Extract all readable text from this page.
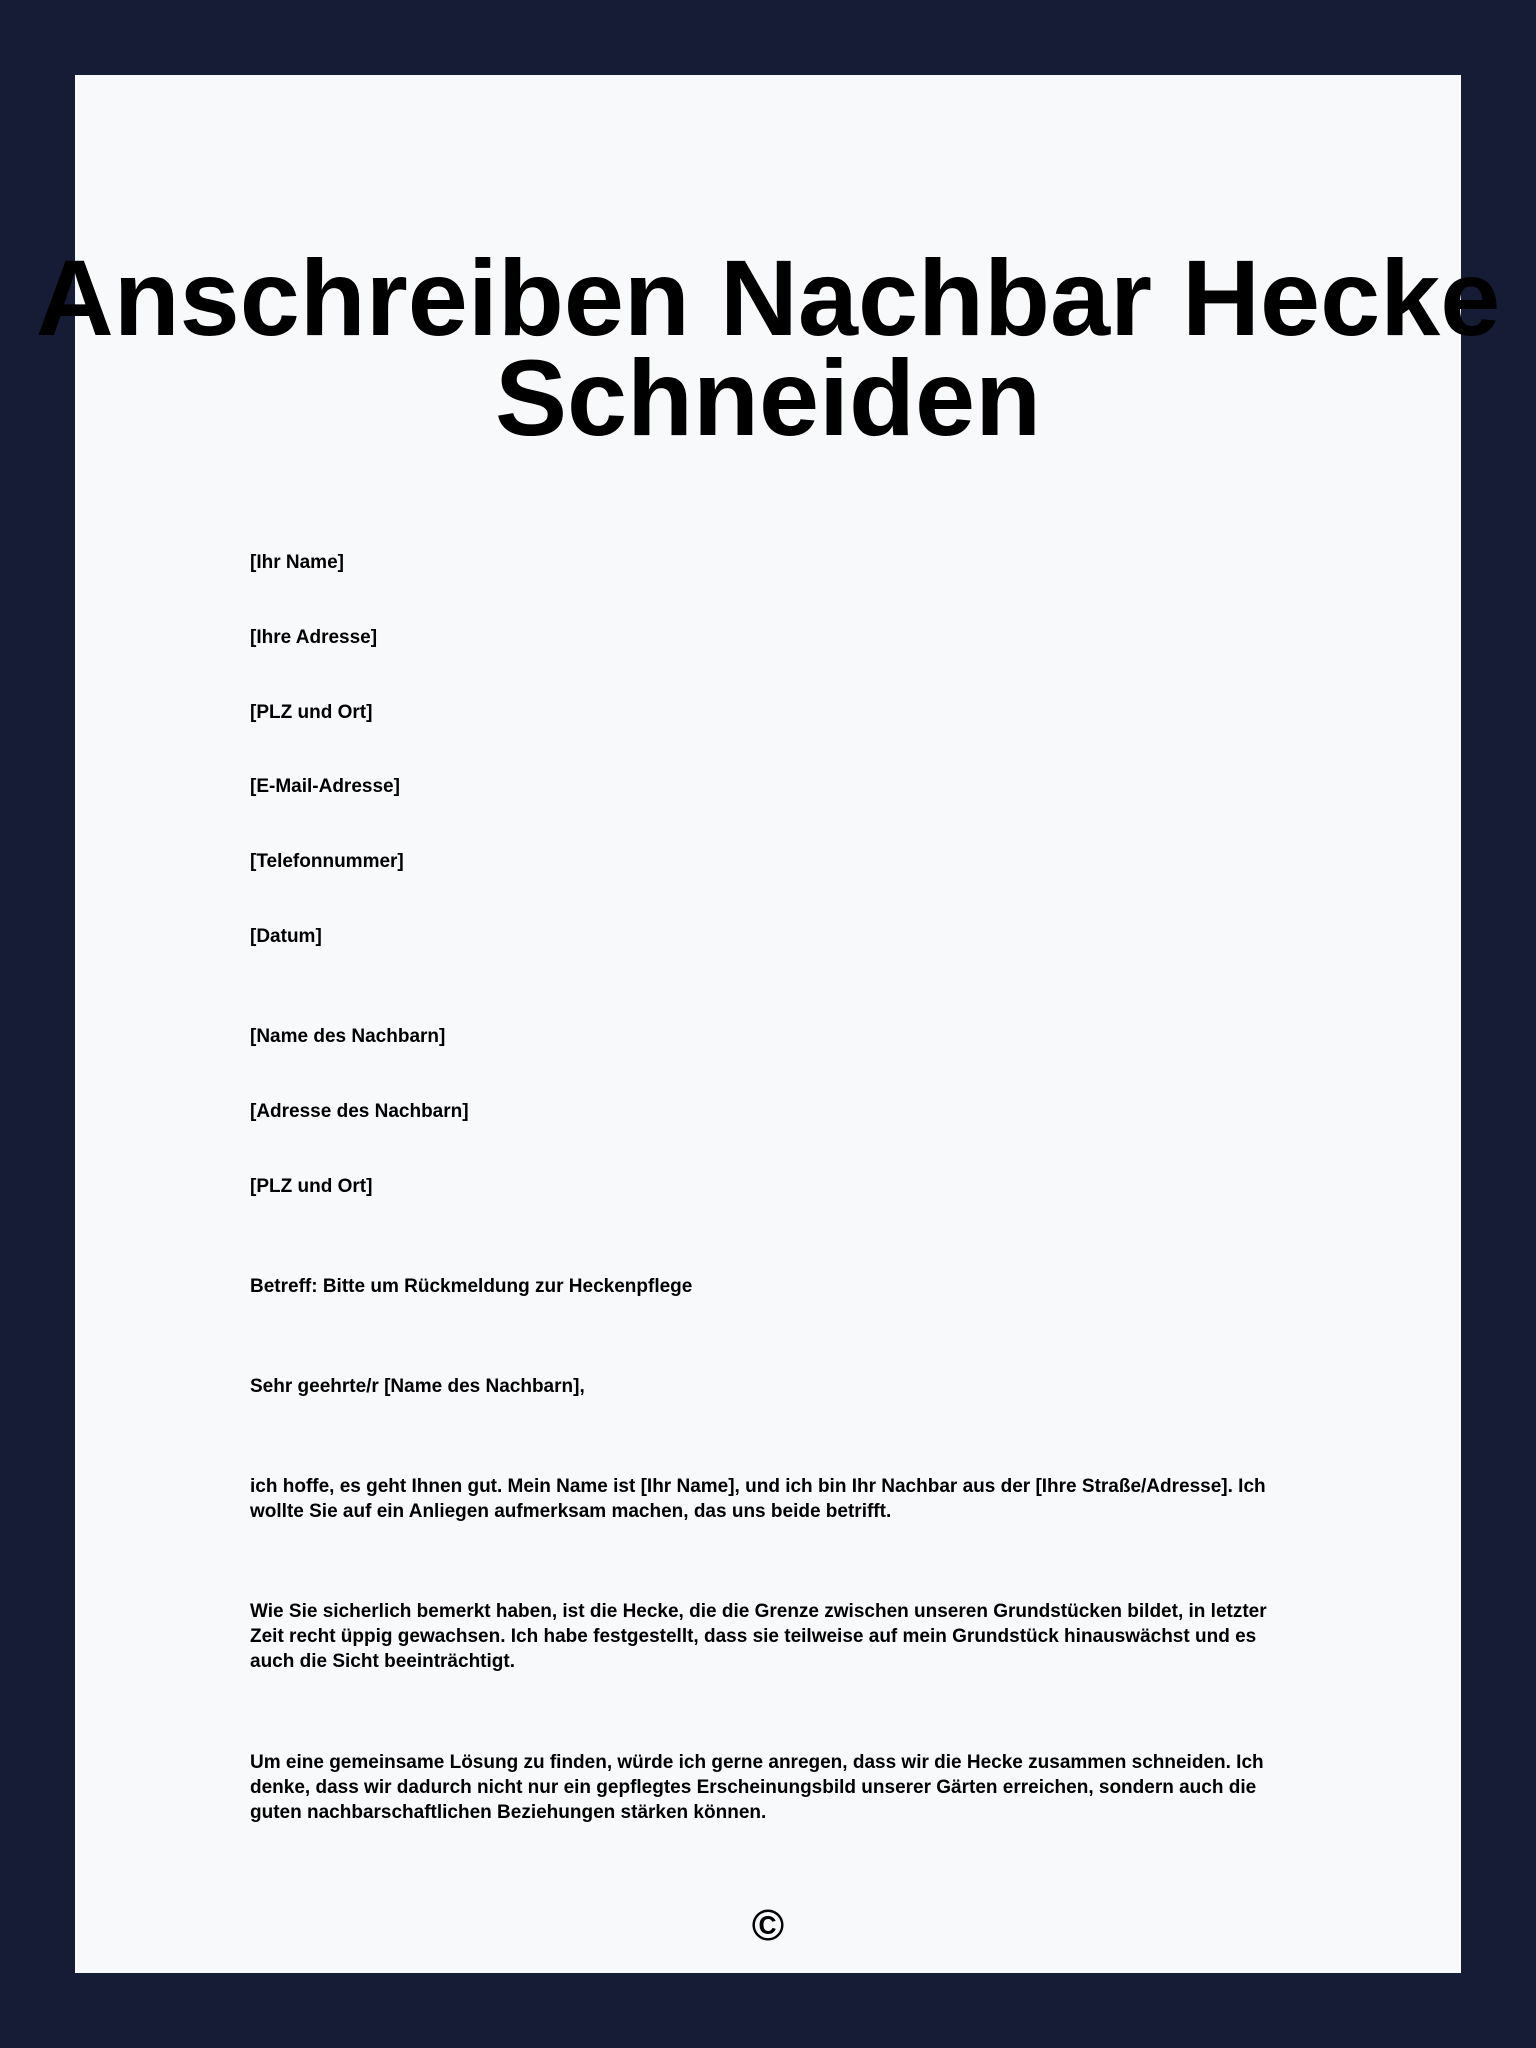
Anschreiben Nachbar Hecke Schneiden
[Ihr Name]
[Ihre Adresse]
[PLZ und Ort]
[E-Mail-Adresse]
[Telefonnummer]
[Datum]
[Name des Nachbarn]
[Adresse des Nachbarn]
[PLZ und Ort]
Betreff: Bitte um Rückmeldung zur Heckenpflege
Sehr geehrte/r [Name des Nachbarn],
ich hoffe, es geht Ihnen gut. Mein Name ist [Ihr Name], und ich bin Ihr Nachbar aus der [Ihre Straße/Adresse]. Ich wollte Sie auf ein Anliegen aufmerksam machen, das uns beide betrifft.
Wie Sie sicherlich bemerkt haben, ist die Hecke, die die Grenze zwischen unseren Grundstücken bildet, in letzter Zeit recht üppig gewachsen. Ich habe festgestellt, dass sie teilweise auf mein Grundstück hinauswächst und es auch die Sicht beeinträchtigt.
Um eine gemeinsame Lösung zu finden, würde ich gerne anregen, dass wir die Hecke zusammen schneiden. Ich denke, dass wir dadurch nicht nur ein gepflegtes Erscheinungsbild unserer Gärten erreichen, sondern auch die guten nachbarschaftlichen Beziehungen stärken können.
©
